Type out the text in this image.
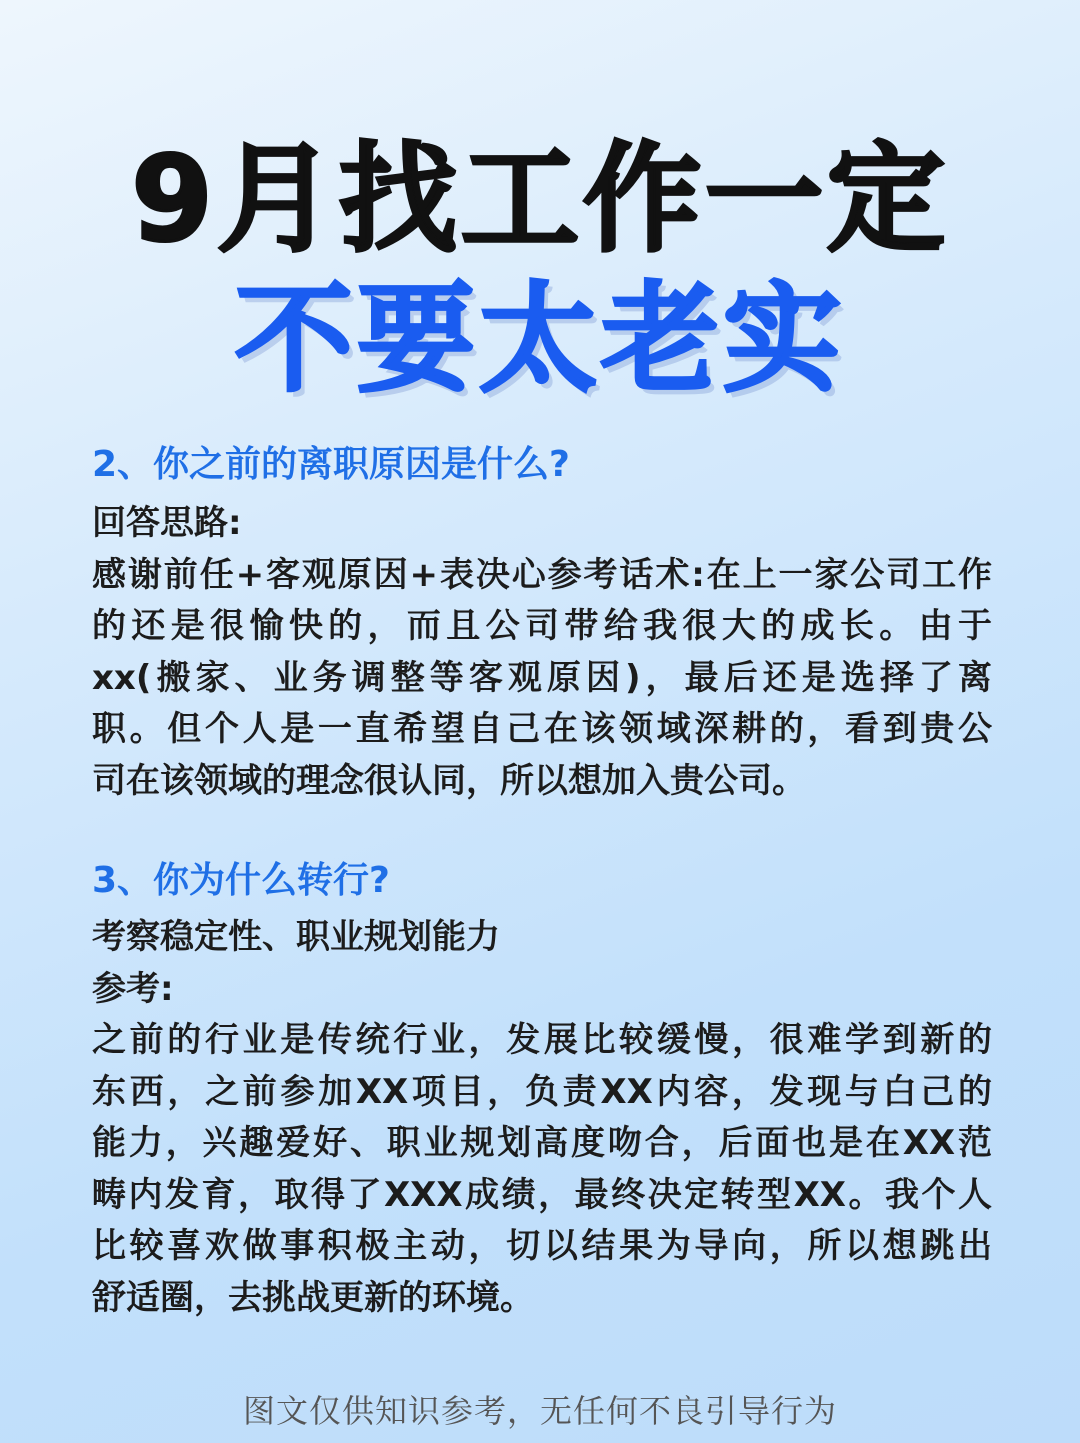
9月找工作一定
不要太老实

2、你之前的离职原因是什么?

回答思路:

感谢前任+客观原因+表决心参考话术:在上一家公司工作

的还是很愉快的，而且公司带给我很大的成长。由于

xx(搬家、业务调整等客观原因)，最后还是选择了离

职。但个人是一直希望自己在该领域深耕的，看到贵公

司在该领域的理念很认同，所以想加入贵公司。

3、你为什么转行?

考察稳定性、职业规划能力

参考:

之前的行业是传统行业，发展比较缓慢，很难学到新的

东西，之前参加XX项目，负责XX内容，发现与白己的

能力，兴趣爱好、职业规划高度吻合，后面也是在XX范

畴内发育，取得了XXX成绩，最终决定转型XX。我个人

比较喜欢做事积极主动，切以结果为导向，所以想跳出

舒适圈，去挑战更新的环境。

图文仅供知识参考，无任何不良引导行为
